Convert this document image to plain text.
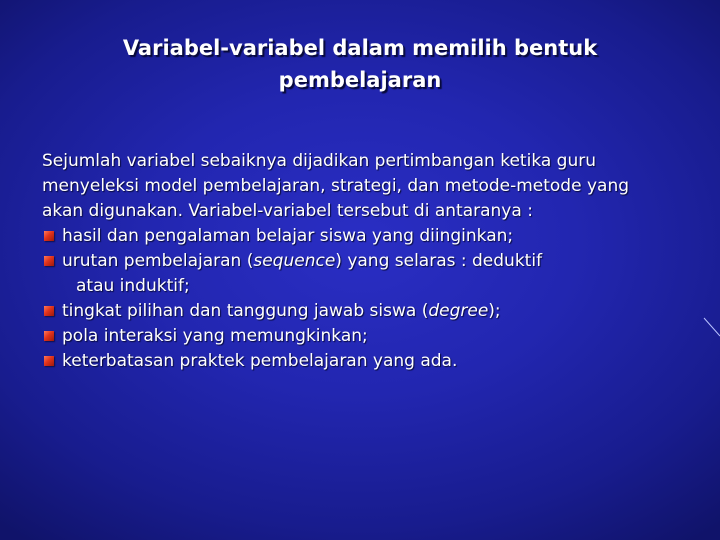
Variabel-variabel dalam memilih bentuk
pembelajaran

Sejumlah variabel sebaiknya dijadikan pertimbangan ketika guru
menyeleksi model pembelajaran, strategi, dan metode-metode yang
akan digunakan. Variabel-variabel tersebut di antaranya :

hasil dan pengalaman belajar siswa yang diinginkan;
urutan pembelajaran (sequence) yang selaras : deduktif
atau induktif;
tingkat pilihan dan tanggung jawab siswa (degree);
pola interaksi yang memungkinkan;
keterbatasan praktek pembelajaran yang ada.
